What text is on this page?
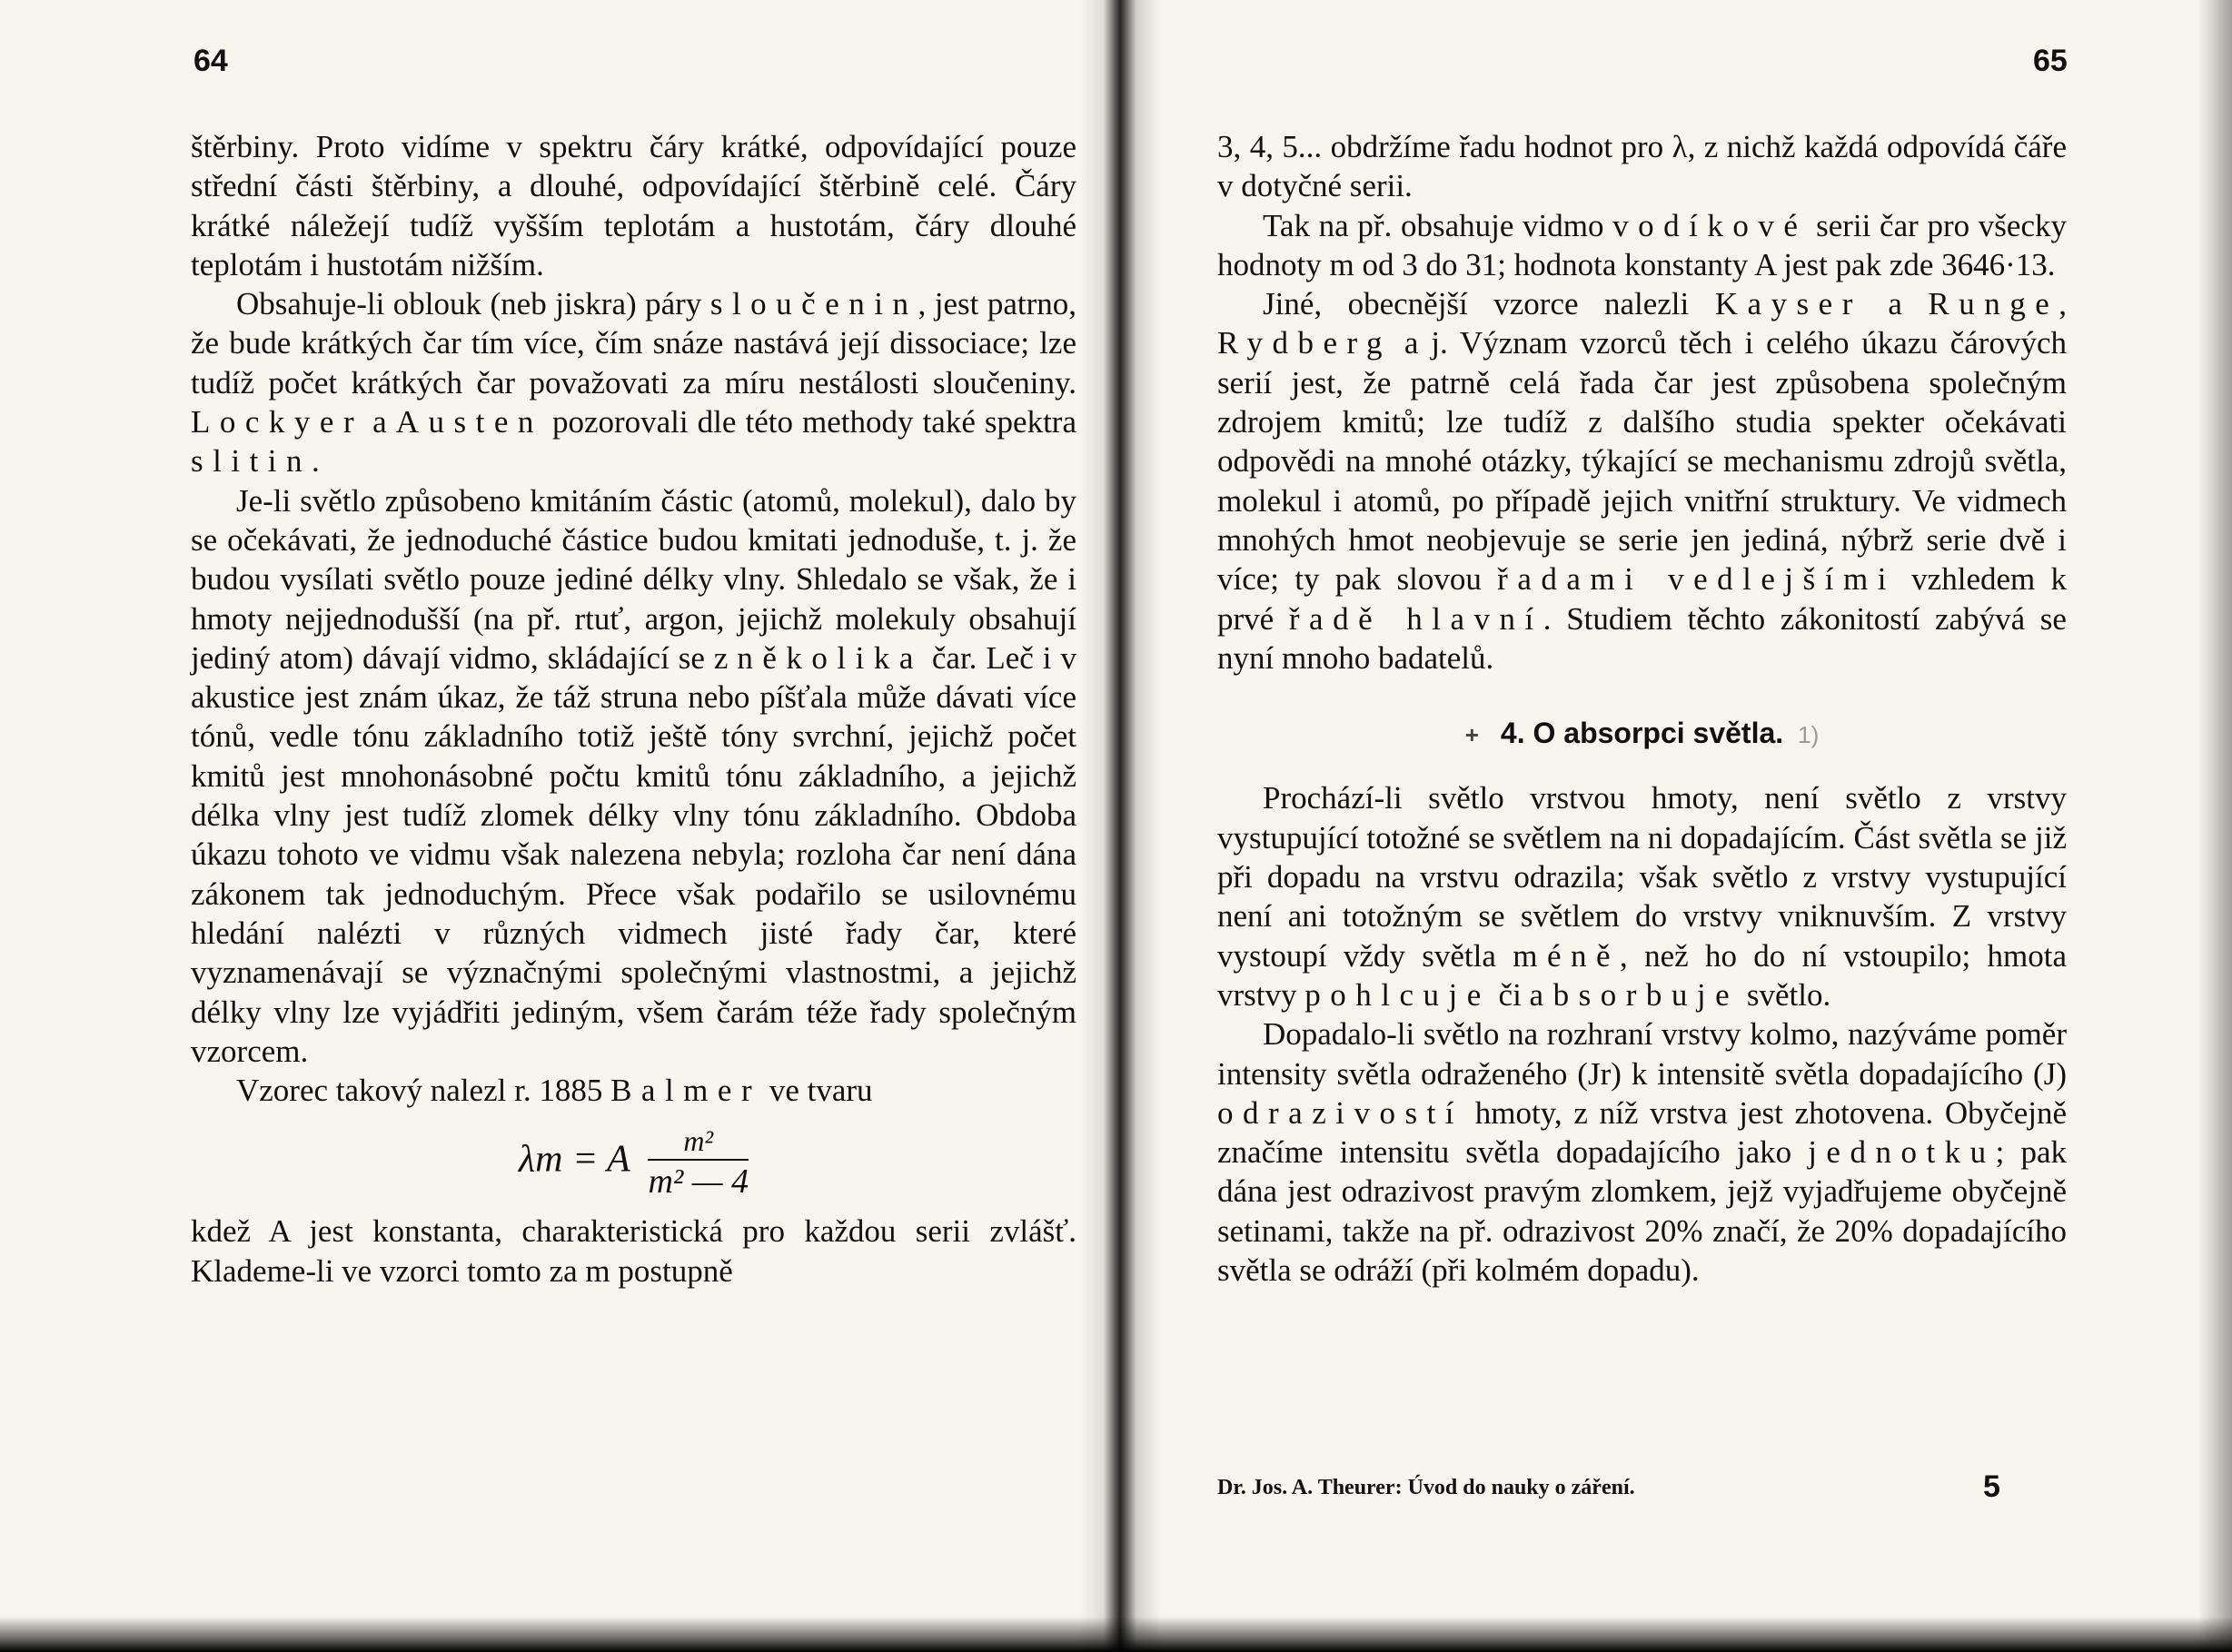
64	65

štěrbiny. Proto vidíme v spektru čáry krátké, odpovídající pouze střední části štěrbiny, a dlouhé, odpovídající štěrbině celé. Čáry krátké náležejí tudíž vyšším teplotám a hustotám, čáry dlouhé teplotám i hustotám nižším.

Obsahuje-li oblouk (neb jiskra) páry sloučenin, jest patrno, že bude krátkých čar tím více, čím snáze nastává její dissociace; lze tudíž počet krátkých čar považovati za míru nestálosti sloučeniny. Lockyer a Austen pozorovali dle této methody také spektra slitin.

Je-li světlo způsobeno kmitáním částic (atomů, molekul), dalo by se očekávati, že jednoduché částice budou kmitati jednoduše, t. j. že budou vysílati světlo pouze jediné délky vlny. Shledalo se však, že i hmoty nejjednodušší (na př. rtuť, argon, jejichž molekuly obsahují jediný atom) dávají vidmo, skládající se z několika čar. Leč i v akustice jest znám úkaz, že táž struna nebo píšťala může dávati více tónů, vedle tónu základního totiž ještě tóny svrchní, jejichž počet kmitů jest mnohonásobné počtu kmitů tónu základního, a jejichž délka vlny jest tudíž zlomek délky vlny tónu základního. Obdoba úkazu tohoto ve vidmu však nalezena nebyla; rozloha čar není dána zákonem tak jednoduchým. Přece však podařilo se usilovnému hledání nalézti v různých vidmech jisté řady čar, které vyznamenávají se význačnými společnými vlastnostmi, a jejichž délky vlny lze vyjádřiti jediným, všem čarám téže řady společným vzorcem.

Vzorec takový nalezl r. 1885 Balmer ve tvaru

λm = A $\frac{\text{m²}}{\text{m² — 4}}$

kdež A jest konstanta, charakteristická pro každou serii zvlášť. Klademe-li ve vzorci tomto za m postupně

3, 4, 5... obdržíme řadu hodnot pro λ, z nichž každá odpovídá čáře v dotyčné serii.

Tak na př. obsahuje vidmo vodíkové serii čar pro všecky hodnoty m od 3 do 31; hodnota konstanty A jest pak zde 3646·13.

Jiné, obecnější vzorce nalezli Kayser a Runge, Rydberg a j. Význam vzorců těch i celého úkazu čárových serií jest, že patrně celá řada čar jest způsobena společným zdrojem kmitů; lze tudíž z dalšího studia spekter očekávati odpovědi na mnohé otázky, týkající se mechanismu zdrojů světla, molekul i atomů, po případě jejich vnitřní struktury. Ve vidmech mnohých hmot neobjevuje se serie jen jediná, nýbrž serie dvě i více; ty pak slovou řadami vedlejšími vzhledem k prvé řadě hlavní. Studiem těchto zákonitostí zabývá se nyní mnoho badatelů.

+ 4. O absorpci světla. 1)

Prochází-li světlo vrstvou hmoty, není světlo z vrstvy vystupující totožné se světlem na ni dopadajícím. Část světla se již při dopadu na vrstvu odrazila; však světlo z vrstvy vystupující není ani totožným se světlem do vrstvy vniknuvším. Z vrstvy vystoupí vždy světla méně, než ho do ní vstoupilo; hmota vrstvy pohlcuje či absorbuje světlo.

Dopadalo-li světlo na rozhraní vrstvy kolmo, nazýváme poměr intensity světla odraženého (Jr) k intensitě světla dopadajícího (J) odrazivostí hmoty, z níž vrstva jest zhotovena. Obyčejně značíme intensitu světla dopadajícího jako jednotku; pak dána jest odrazivost pravým zlomkem, jejž vyjadřujeme obyčejně setinami, takže na př. odrazivost 20% značí, že 20% dopadajícího světla se odráží (při kolmém dopadu).

Dr. Jos. A. Theurer: Úvod do nauky o záření.	5
